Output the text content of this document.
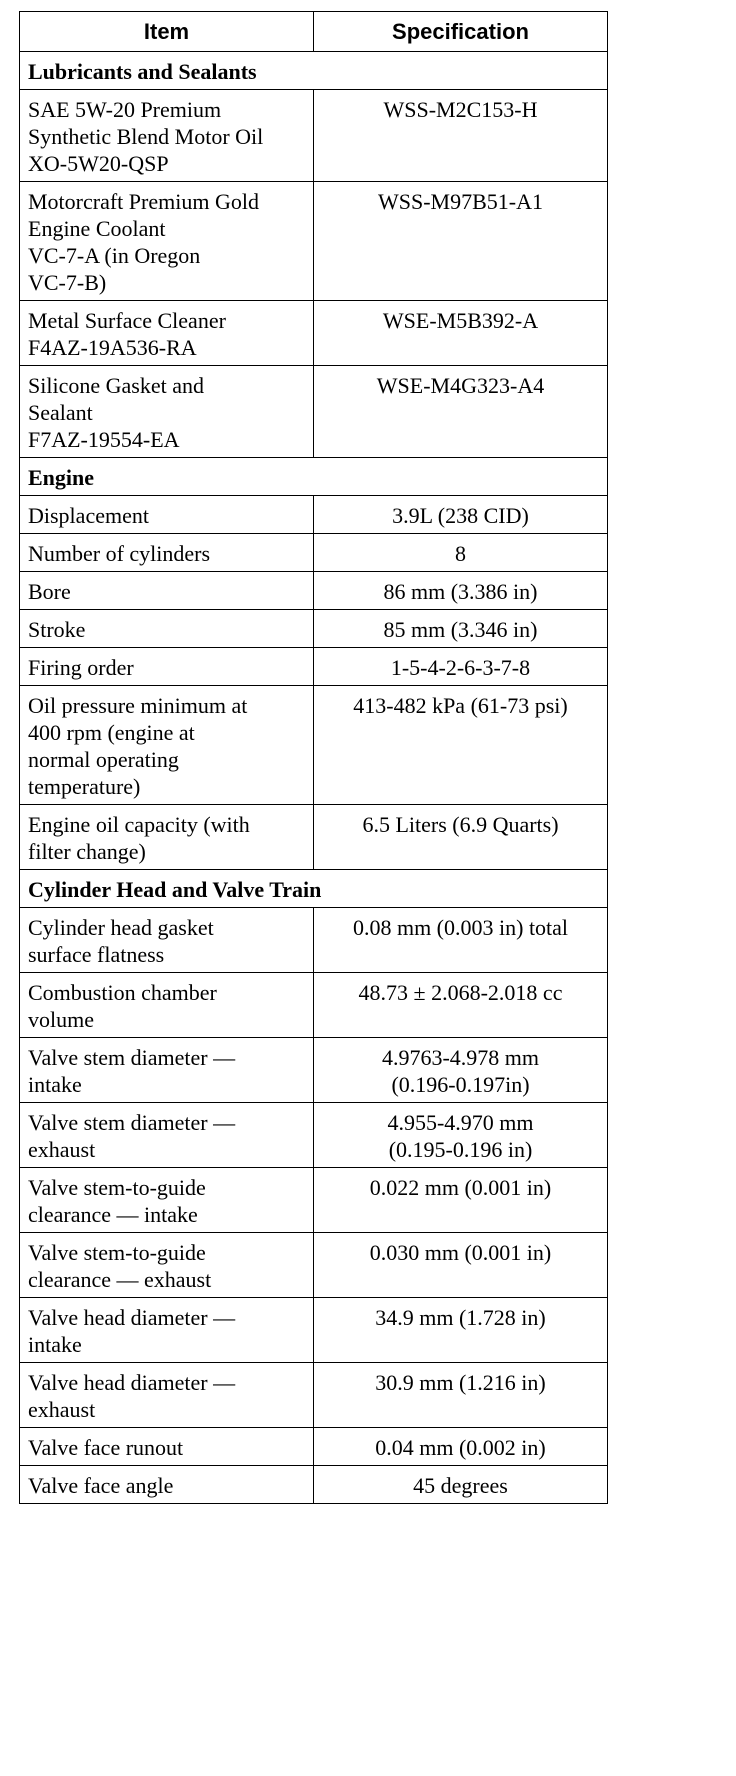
Item	Specification
Lubricants and Sealants	
SAE 5W-20 Premium
Synthetic Blend Motor Oil
XO-5W20-QSP	WSS-M2C153-H
Motorcraft Premium Gold
Engine Coolant
VC-7-A (in Oregon
VC-7-B)	WSS-M97B51-A1
Metal Surface Cleaner
F4AZ-19A536-RA	WSE-M5B392-A
Silicone Gasket and
Sealant
F7AZ-19554-EA	WSE-M4G323-A4
Engine	
Displacement	3.9L (238 CID)
Number of cylinders	8
Bore	86 mm (3.386 in)
Stroke	85 mm (3.346 in)
Firing order	1-5-4-2-6-3-7-8
Oil pressure minimum at
400 rpm (engine at
normal operating
temperature)	413-482 kPa (61-73 psi)
Engine oil capacity (with
filter change)	6.5 Liters (6.9 Quarts)
Cylinder Head and Valve Train	
Cylinder head gasket
surface flatness	0.08 mm (0.003 in) total
Combustion chamber
volume	48.73 ± 2.068-2.018 cc
Valve stem diameter —
intake	4.9763-4.978 mm
(0.196-0.197in)
Valve stem diameter —
exhaust	4.955-4.970 mm
(0.195-0.196 in)
Valve stem-to-guide
clearance — intake	0.022 mm (0.001 in)
Valve stem-to-guide
clearance — exhaust	0.030 mm (0.001 in)
Valve head diameter —
intake	34.9 mm (1.728 in)
Valve head diameter —
exhaust	30.9 mm (1.216 in)
Valve face runout	0.04 mm (0.002 in)
Valve face angle	45 degrees
